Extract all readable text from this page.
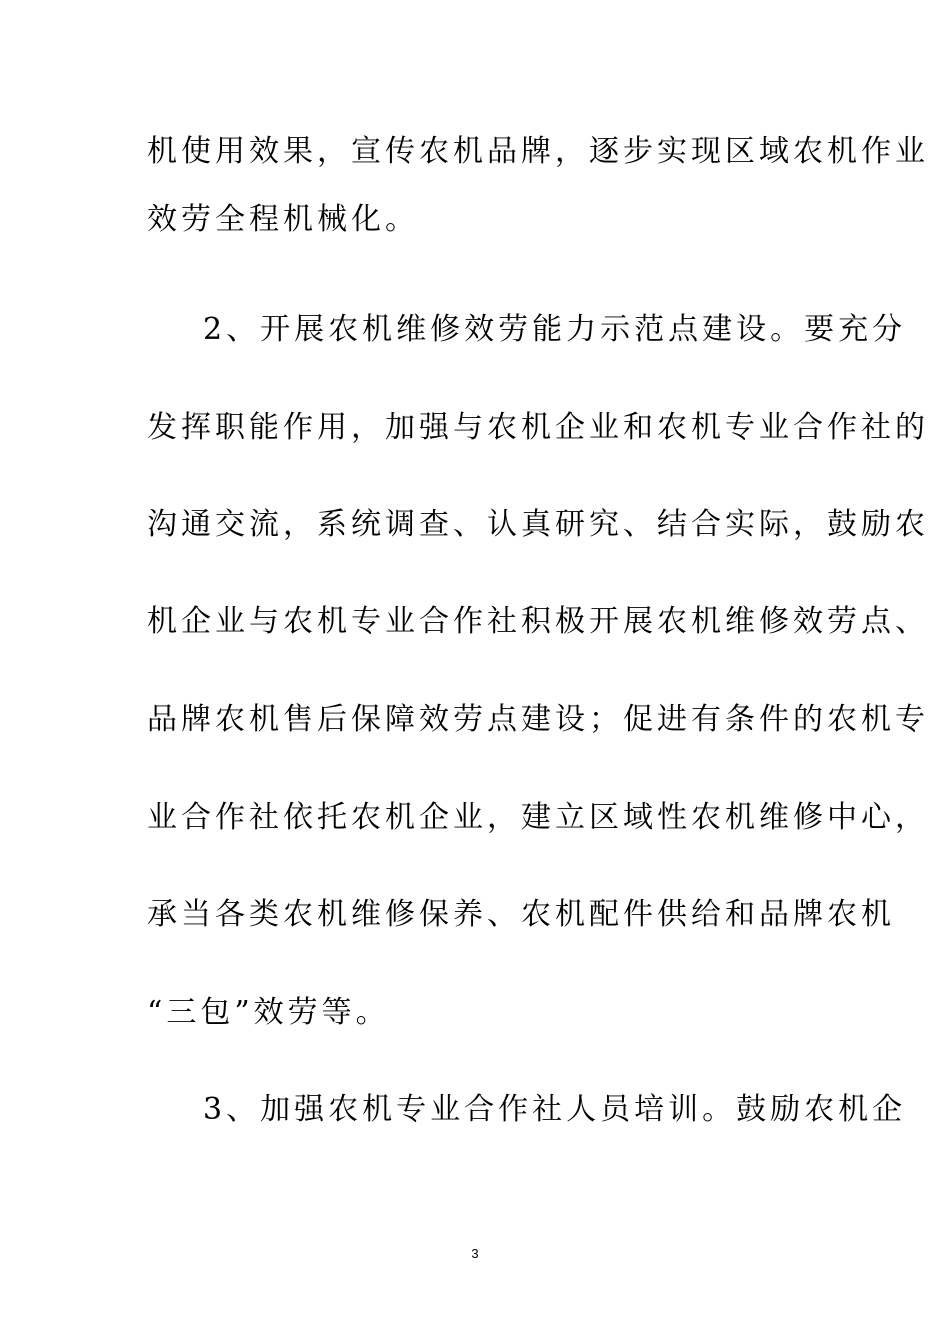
机使用效果，宣传农机品牌，逐步实现区域农机作业
效劳全程机械化。
2、开展农机维修效劳能力示范点建设。要充分
发挥职能作用，加强与农机企业和农机专业合作社的
沟通交流，系统调查、认真研究、结合实际，鼓励农
机企业与农机专业合作社积极开展农机维修效劳点、
品牌农机售后保障效劳点建设；促进有条件的农机专
业合作社依托农机企业，建立区域性农机维修中心，
承当各类农机维修保养、农机配件供给和品牌农机
“三包”效劳等。
3、加强农机专业合作社人员培训。鼓励农机企
3
